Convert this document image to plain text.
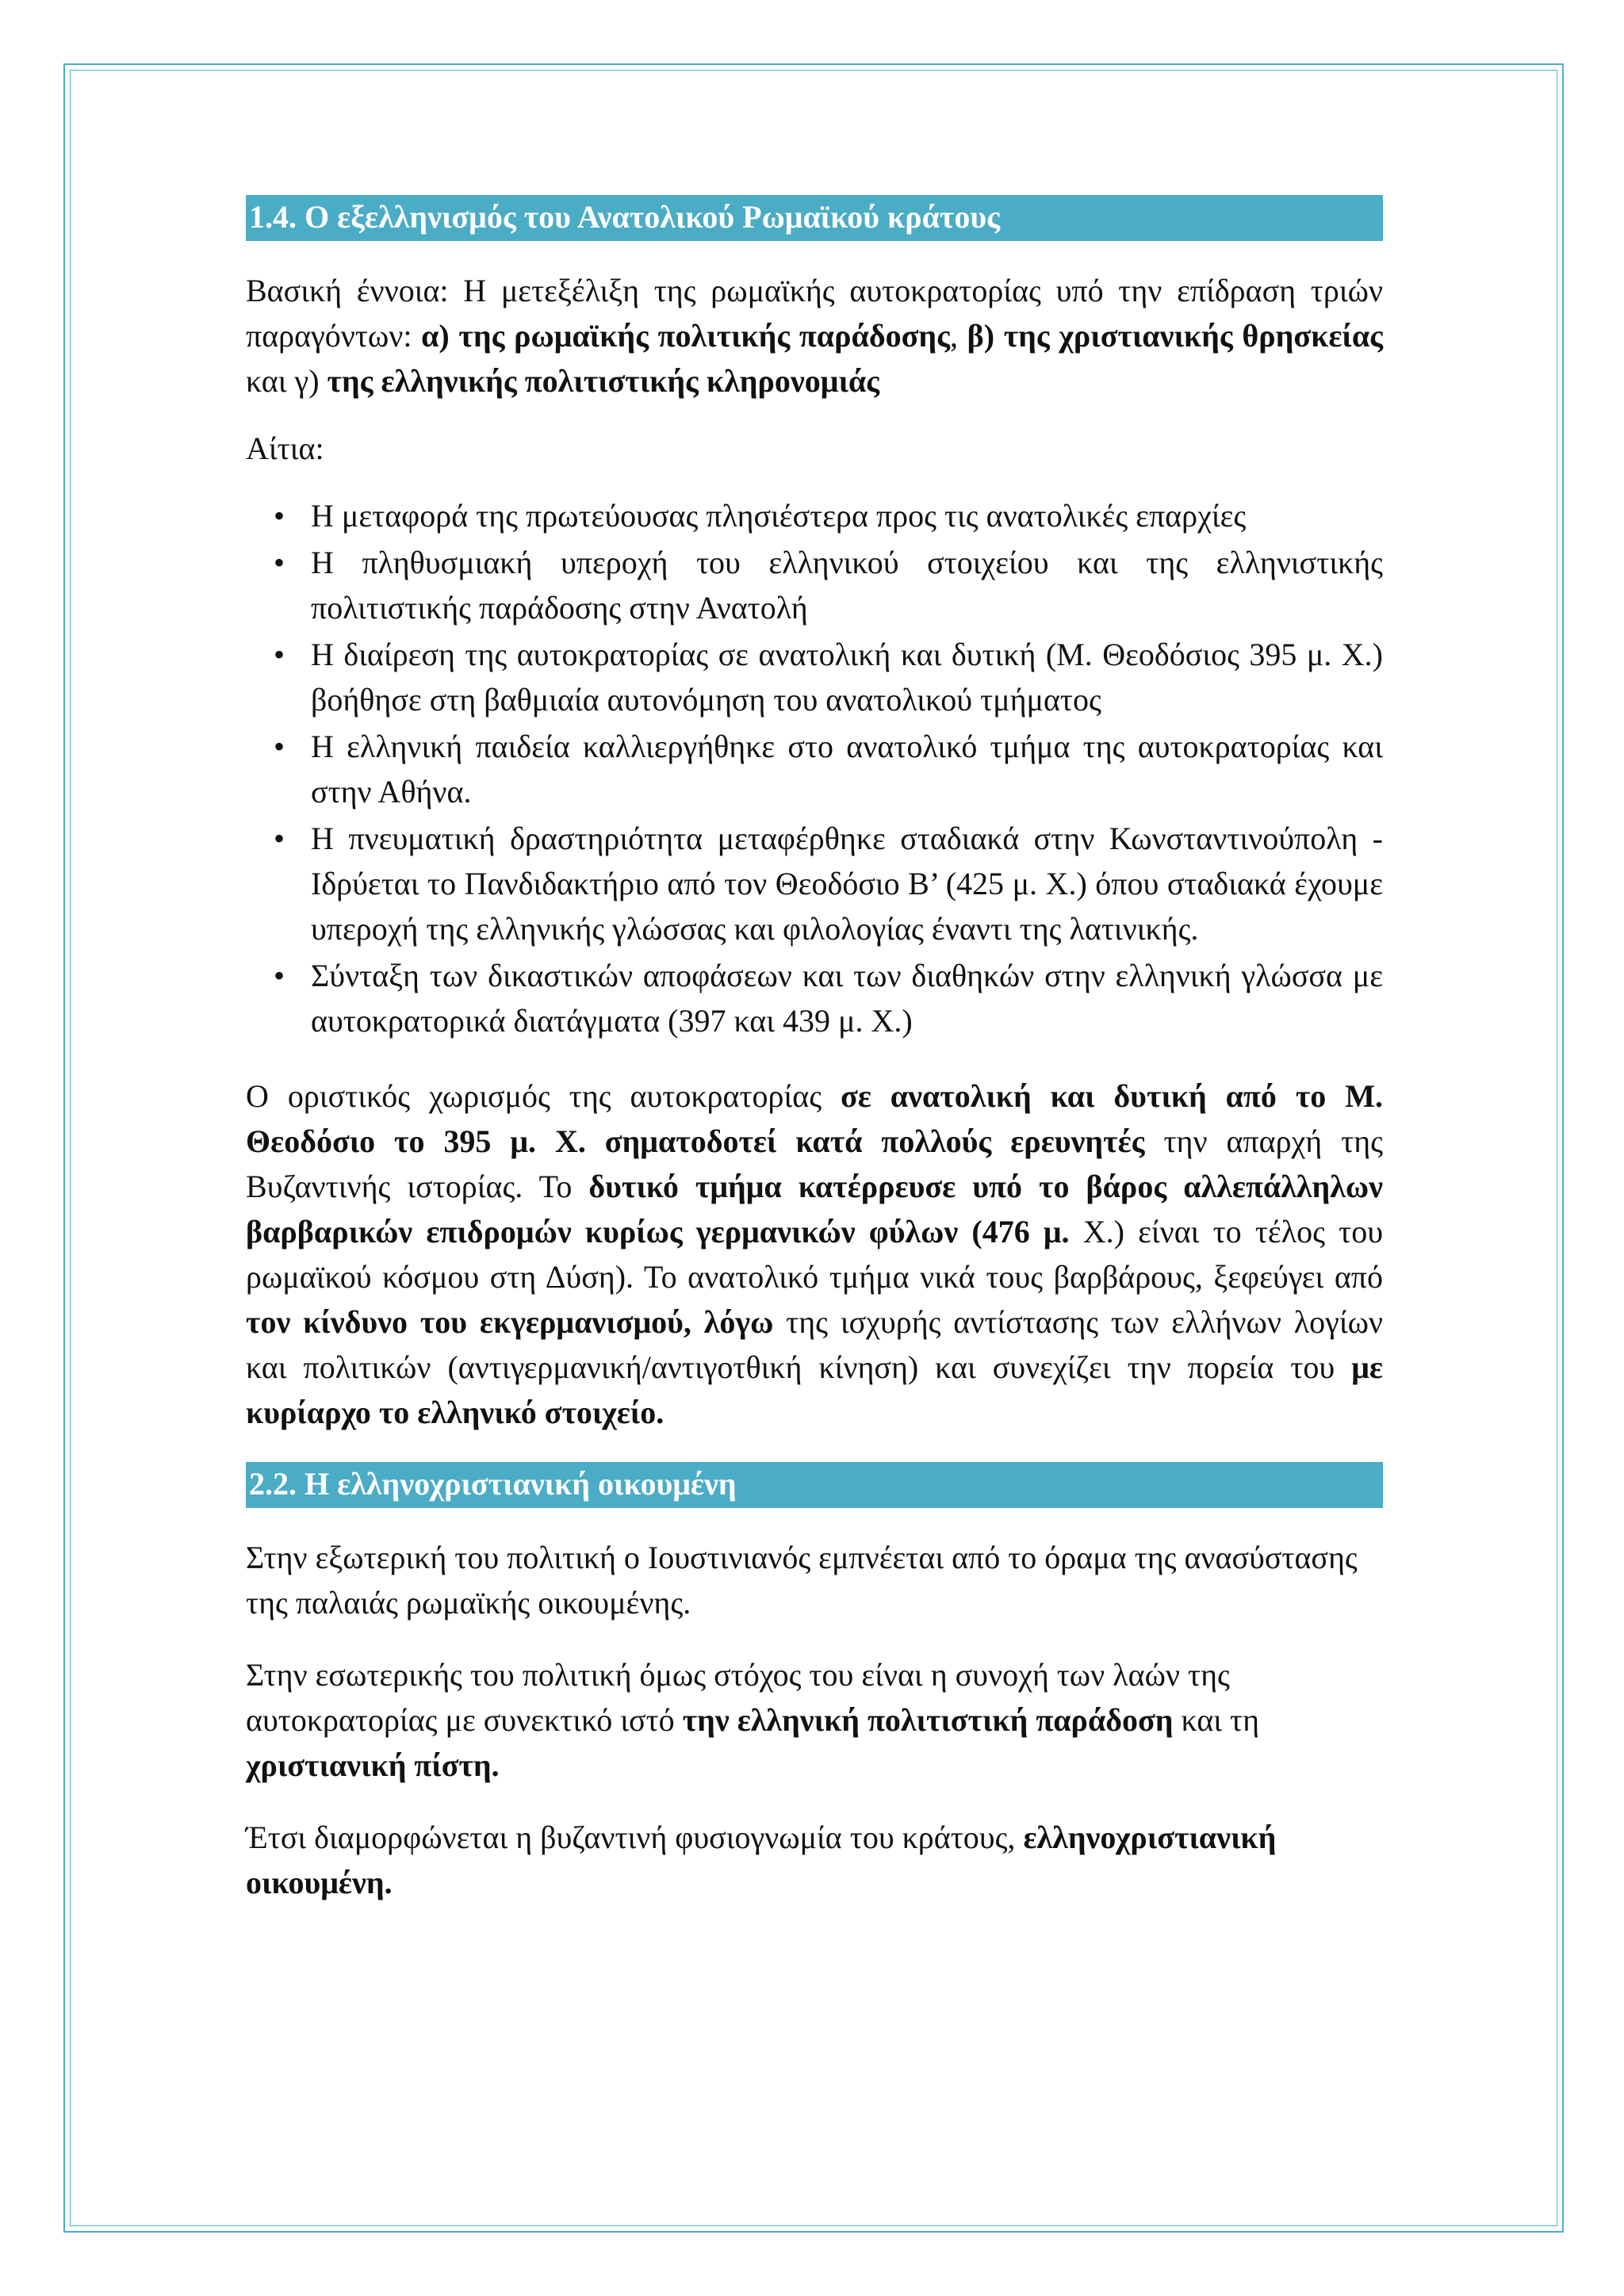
1.4. Ο εξελληνισμός του Ανατολικού Ρωμαϊκού κράτους

Βασική έννοια: Η μετεξέλιξη της ρωμαϊκής αυτοκρατορίας υπό την επίδραση τριών παραγόντων: α) της ρωμαϊκής πολιτικής παράδοσης, β) της χριστιανικής θρησκείας και γ) της ελληνικής πολιτιστικής κληρονομιάς

Αίτια:

• Η μεταφορά της πρωτεύουσας πλησιέστερα προς τις ανατολικές επαρχίες
• Η πληθυσμιακή υπεροχή του ελληνικού στοιχείου και της ελληνιστικής πολιτιστικής παράδοσης στην Ανατολή
• Η διαίρεση της αυτοκρατορίας σε ανατολική και δυτική (Μ. Θεοδόσιος 395 μ. Χ.) βοήθησε στη βαθμιαία αυτονόμηση του ανατολικού τμήματος
• Η ελληνική παιδεία καλλιεργήθηκε στο ανατολικό τμήμα της αυτοκρατορίας και στην Αθήνα.
• Η πνευματική δραστηριότητα μεταφέρθηκε σταδιακά στην Κωνσταντινούπολη - Ιδρύεται το Πανδιδακτήριο από τον Θεοδόσιο Β’ (425 μ. Χ.) όπου σταδιακά έχουμε υπεροχή της ελληνικής γλώσσας και φιλολογίας έναντι της λατινικής.
• Σύνταξη των δικαστικών αποφάσεων και των διαθηκών στην ελληνική γλώσσα με αυτοκρατορικά διατάγματα (397 και 439 μ. Χ.)

Ο οριστικός χωρισμός της αυτοκρατορίας σε ανατολική και δυτική από το Μ. Θεοδόσιο το 395 μ. Χ. σηματοδοτεί κατά πολλούς ερευνητές την απαρχή της Βυζαντινής ιστορίας. Το δυτικό τμήμα κατέρρευσε υπό το βάρος αλλεπάλληλων βαρβαρικών επιδρομών κυρίως γερμανικών φύλων (476 μ. Χ.) είναι το τέλος του ρωμαϊκού κόσμου στη Δύση). Το ανατολικό τμήμα νικά τους βαρβάρους, ξεφεύγει από τον κίνδυνο του εκγερμανισμού, λόγω της ισχυρής αντίστασης των ελλήνων λογίων και πολιτικών (αντιγερμανική/αντιγοτθική κίνηση) και συνεχίζει την πορεία του με κυρίαρχο το ελληνικό στοιχείο.

2.2. Η ελληνοχριστιανική οικουμένη

Στην εξωτερική του πολιτική ο Ιουστινιανός εμπνέεται από το όραμα της ανασύστασης της παλαιάς ρωμαϊκής οικουμένης.

Στην εσωτερικής του πολιτική όμως στόχος του είναι η συνοχή των λαών της αυτοκρατορίας με συνεκτικό ιστό την ελληνική πολιτιστική παράδοση και τη χριστιανική πίστη.

Έτσι διαμορφώνεται η βυζαντινή φυσιογνωμία του κράτους, ελληνοχριστιανική οικουμένη.
